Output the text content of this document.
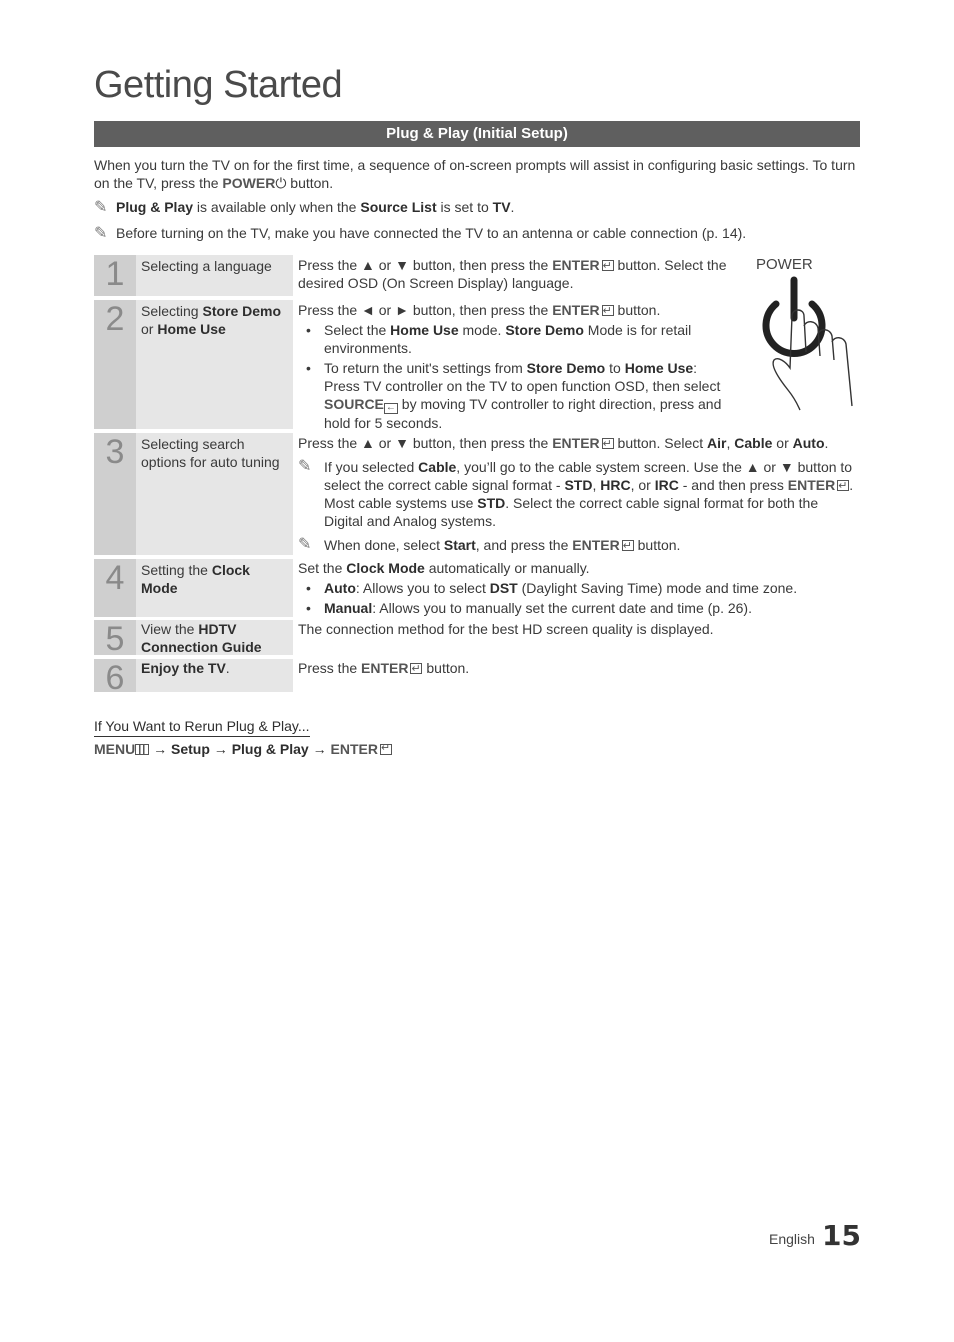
Getting Started
Plug & Play (Initial Setup)
When you turn the TV on for the first time, a sequence of on-screen prompts will assist in configuring basic settings. To turn on the TV, press the POWER⏻ button.
✎ Plug & Play is available only when the Source List is set to TV.
✎ Before turning on the TV, make you have connected the TV to an antenna or cable connection (p. 14).
1	Selecting a language	Press the ▲ or ▼ button, then press the ENTER↵ button. Select the desired OSD (On Screen Display) language.

2	Selecting Store Demo or Home Use

Press the ◄ or ► button, then press the ENTER↵ button.

• Select the Home Use mode. Store Demo Mode is for retail environments.
• To return the unit's settings from Store Demo to Home Use:
Press TV controller on the TV to open function OSD, then select SOURCE ← by moving TV controller to right direction, press and hold for 5 seconds.
3	Selecting search options for auto tuning

Press the ▲ or ▼ button, then press the ENTER↵ button. Select Air, Cable or Auto.

✎ If you selected Cable, you’ll go to the cable system screen. Use the ▲ or ▼ button to select the correct cable signal format - STD, HRC, or IRC - and then press ENTER↵ . Most cable systems use STD. Select the correct cable signal format for both the Digital and Analog systems.
✎ When done, select Start, and press the ENTER↵ button.
4	Setting the Clock Mode

Set the Clock Mode automatically or manually.

• Auto: Allows you to select DST (Daylight Saving Time) mode and time zone.
• Manual: Allows you to manually set the current date and time (p. 26).
5	View the HDTV Connection Guide

The connection method for the best HD screen quality is displayed.

6	Enjoy the TV.	Press the ENTER↵ button.

POWER
If You Want to Rerun Plug & Play...
MENU → Setup → Plug & Play → ENTER↵
English 15
